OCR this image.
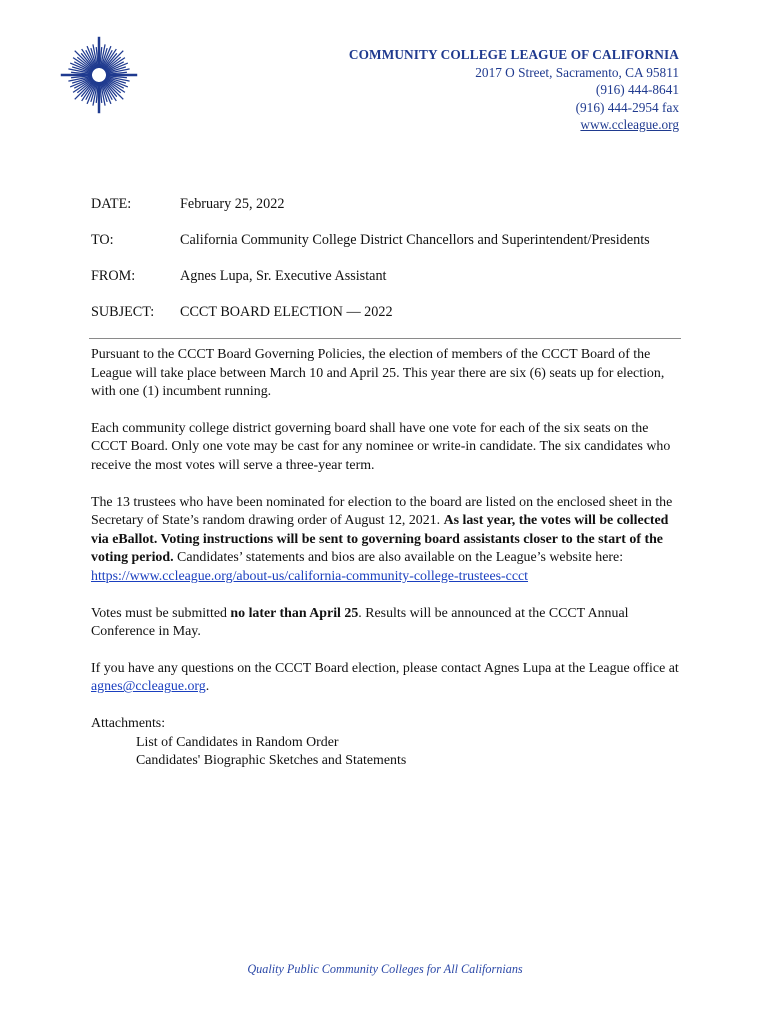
COMMUNITY COLLEGE LEAGUE OF CALIFORNIA
2017 O Street, Sacramento, CA 95811
(916) 444-8641
(916) 444-2954 fax
www.ccleague.org
DATE:	February 25, 2022
TO:	California Community College District Chancellors and Superintendent/Presidents
FROM:	Agnes Lupa, Sr. Executive Assistant
SUBJECT:	CCCT BOARD ELECTION — 2022

Pursuant to the CCCT Board Governing Policies, the election of members of the CCCT Board of the League will take place between March 10 and April 25. This year there are six (6) seats up for election, with one (1) incumbent running.

Each community college district governing board shall have one vote for each of the six seats on the CCCT Board. Only one vote may be cast for any nominee or write-in candidate. The six candidates who receive the most votes will serve a three-year term.

The 13 trustees who have been nominated for election to the board are listed on the enclosed sheet in the Secretary of State’s random drawing order of August 12, 2021. As last year, the votes will be collected via eBallot. Voting instructions will be sent to governing board assistants closer to the start of the voting period. Candidates’ statements and bios are also available on the League’s website here: https://www.ccleague.org/about-us/california-community-college-trustees-ccct

Votes must be submitted no later than April 25. Results will be announced at the CCCT Annual Conference in May.

If you have any questions on the CCCT Board election, please contact Agnes Lupa at the League office at agnes@ccleague.org.

Attachments:
List of Candidates in Random Order
Candidates' Biographic Sketches and Statements
Quality Public Community Colleges for All Californians
